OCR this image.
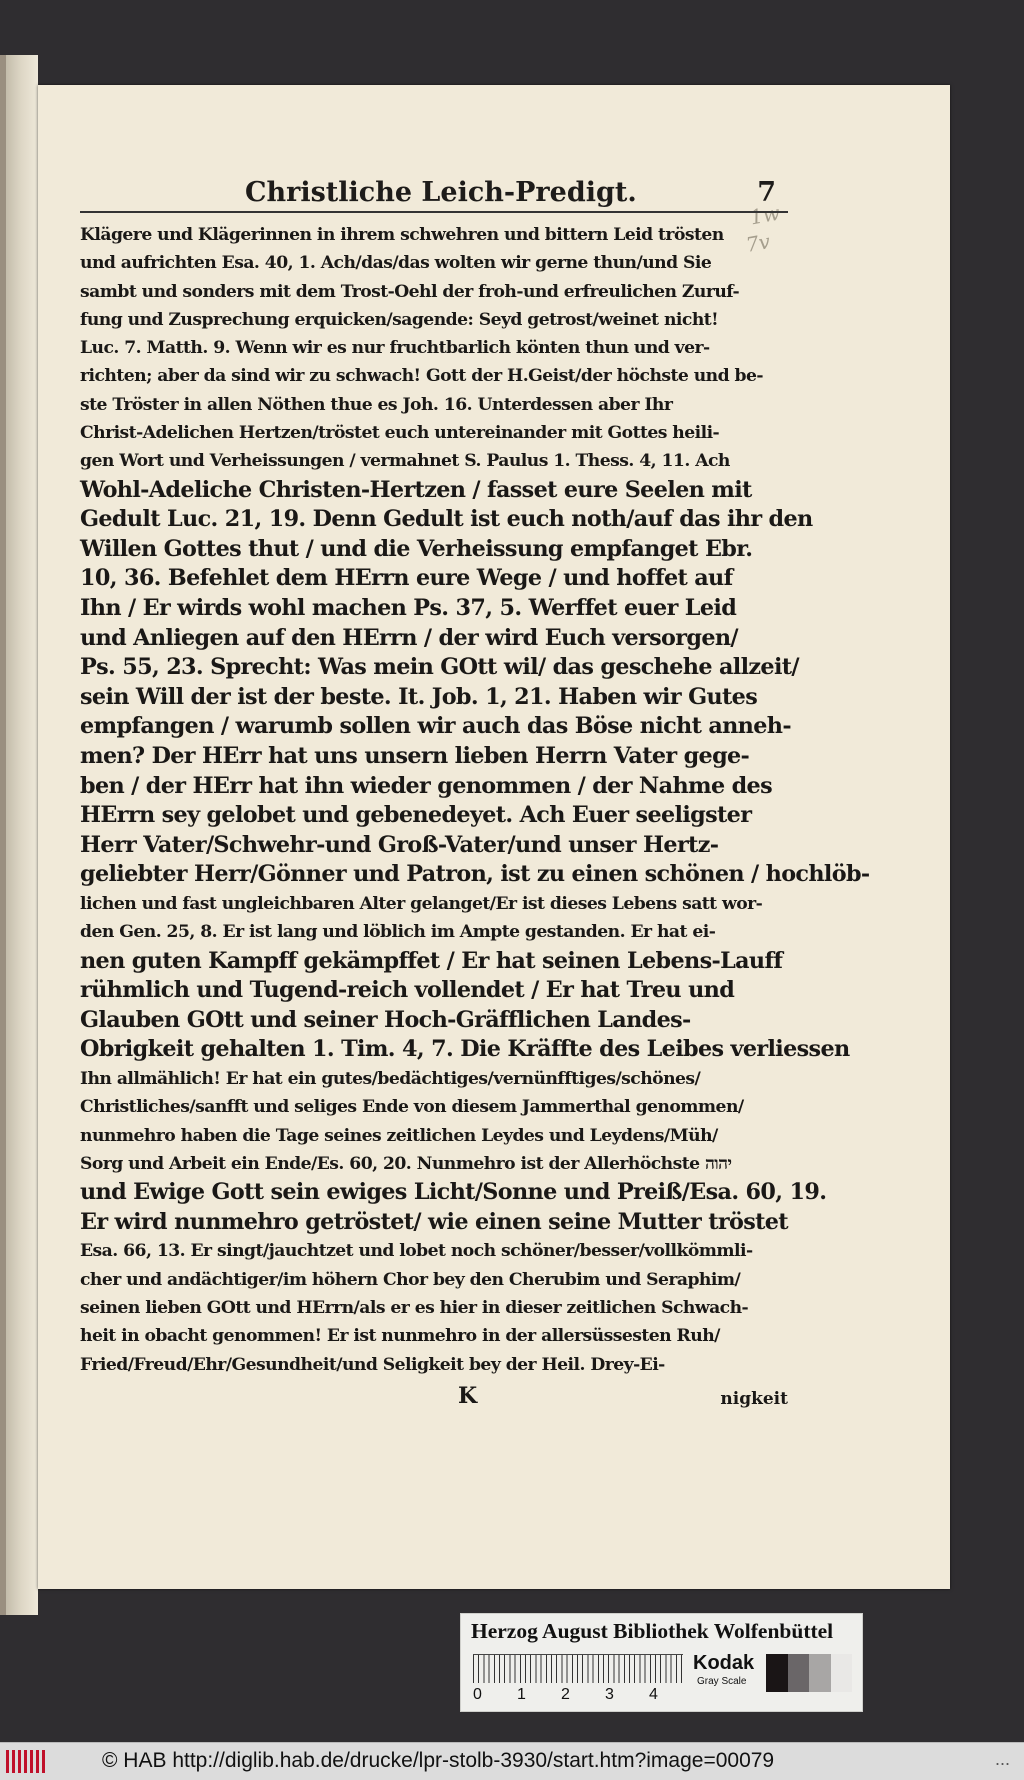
1w
7v
Christliche Leich-Predigt.	7
Klägere und Klägerinnen in ihrem schwehren und bittern Leid trösten
und aufrichten Esa. 40, 1. Ach/das/das wolten wir gerne thun/und Sie
sambt und sonders mit dem Trost-Oehl der froh-und erfreulichen Zuruf-
fung und Zusprechung erquicken/sagende: Seyd getrost/weinet nicht!
Luc. 7. Matth. 9. Wenn wir es nur fruchtbarlich könten thun und ver-
richten; aber da sind wir zu schwach! Gott der H.Geist/der höchste und be-
ste Tröster in allen Nöthen thue es Joh. 16. Unterdessen aber Ihr
Christ-Adelichen Hertzen/tröstet euch untereinander mit Gottes heili-
gen Wort und Verheissungen / vermahnet S. Paulus 1. Thess. 4, 11. Ach
Wohl-Adeliche Christen-Hertzen / fasset eure Seelen mit
Gedult Luc. 21, 19. Denn Gedult ist euch noth/auf das ihr den
Willen Gottes thut / und die Verheissung empfanget Ebr.
10, 36. Befehlet dem HErrn eure Wege / und hoffet auf
Ihn / Er wirds wohl machen Ps. 37, 5. Werffet euer Leid
und Anliegen auf den HErrn / der wird Euch versorgen/
Ps. 55, 23. Sprecht: Was mein GOtt wil/ das geschehe allzeit/
sein Will der ist der beste. It. Job. 1, 21. Haben wir Gutes
empfangen / warumb sollen wir auch das Böse nicht anneh-
men? Der HErr hat uns unsern lieben Herrn Vater gege-
ben / der HErr hat ihn wieder genommen / der Nahme des
HErrn sey gelobet und gebenedeyet. Ach Euer seeligster
Herr Vater/Schwehr-und Groß-Vater/und unser Hertz-
geliebter Herr/Gönner und Patron, ist zu einen schönen / hochlöb-
lichen und fast ungleichbaren Alter gelanget/Er ist dieses Lebens satt wor-
den Gen. 25, 8. Er ist lang und löblich im Ampte gestanden. Er hat ei-
nen guten Kampff gekämpffet / Er hat seinen Lebens-Lauff
rühmlich und Tugend-reich vollendet / Er hat Treu und
Glauben GOtt und seiner Hoch-Gräfflichen Landes-
Obrigkeit gehalten 1. Tim. 4, 7. Die Kräffte des Leibes verliessen
Ihn allmählich! Er hat ein gutes/bedächtiges/vernünfftiges/schönes/
Christliches/sanfft und seliges Ende von diesem Jammerthal genommen/
nunmehro haben die Tage seines zeitlichen Leydes und Leydens/Müh/
Sorg und Arbeit ein Ende/Es. 60, 20. Nunmehro ist der Allerhöchste יהוה
und Ewige Gott sein ewiges Licht/Sonne und Preiß/Esa. 60, 19.
Er wird nunmehro getröstet/ wie einen seine Mutter tröstet
Esa. 66, 13. Er singt/jauchtzet und lobet noch schöner/besser/vollkömmli-
cher und andächtiger/im höhern Chor bey den Cherubim und Seraphim/
seinen lieben GOtt und HErrn/als er es hier in dieser zeitlichen Schwach-
heit in obacht genommen! Er ist nunmehro in der allersüssesten Ruh/
Fried/Freud/Ehr/Gesundheit/und Seligkeit bey der Heil. Drey-Ei-
K	nigkeit
Herzog August Bibliothek Wolfenbüttel
0 1 2 3 4
Kodak
Gray Scale
© HAB http://diglib.hab.de/drucke/lpr-stolb-3930/start.htm?image=00079	...
